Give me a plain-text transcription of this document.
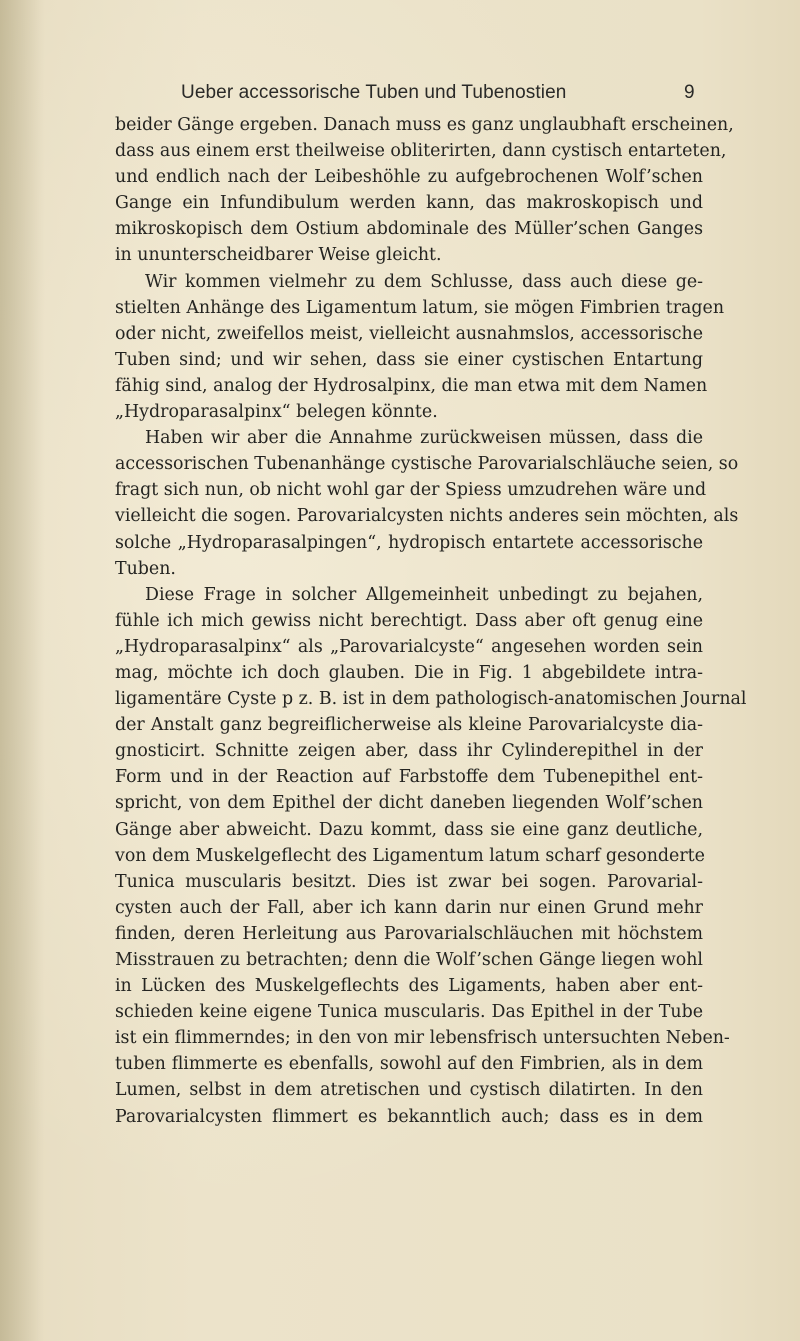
Ueber accessorische Tuben und Tubenostien	9
beider Gänge ergeben. Danach muss es ganz unglaubhaft erscheinen,
dass aus einem erst theilweise obliterirten, dann cystisch entarteten,
und endlich nach der Leibeshöhle zu aufgebrochenen Wolf’schen
Gange ein Infundibulum werden kann, das makroskopisch und
mikroskopisch dem Ostium abdominale des Müller’schen Ganges
in ununterscheidbarer Weise gleicht.
Wir kommen vielmehr zu dem Schlusse, dass auch diese ge-
stielten Anhänge des Ligamentum latum, sie mögen Fimbrien tragen
oder nicht, zweifellos meist, vielleicht ausnahmslos, accessorische
Tuben sind; und wir sehen, dass sie einer cystischen Entartung
fähig sind, analog der Hydrosalpinx, die man etwa mit dem Namen
„Hydroparasalpinx“ belegen könnte.
Haben wir aber die Annahme zurückweisen müssen, dass die
accessorischen Tubenanhänge cystische Parovarialschläuche seien, so
fragt sich nun, ob nicht wohl gar der Spiess umzudrehen wäre und
vielleicht die sogen. Parovarialcysten nichts anderes sein möchten, als
solche „Hydroparasalpingen“, hydropisch entartete accessorische
Tuben.
Diese Frage in solcher Allgemeinheit unbedingt zu bejahen,
fühle ich mich gewiss nicht berechtigt. Dass aber oft genug eine
„Hydroparasalpinx“ als „Parovarialcyste“ angesehen worden sein
mag, möchte ich doch glauben. Die in Fig. 1 abgebildete intra-
ligamentäre Cyste p z. B. ist in dem pathologisch-anatomischen Journal
der Anstalt ganz begreiflicherweise als kleine Parovarialcyste dia-
gnosticirt. Schnitte zeigen aber, dass ihr Cylinderepithel in der
Form und in der Reaction auf Farbstoffe dem Tubenepithel ent-
spricht, von dem Epithel der dicht daneben liegenden Wolf’schen
Gänge aber abweicht. Dazu kommt, dass sie eine ganz deutliche,
von dem Muskelgeflecht des Ligamentum latum scharf gesonderte
Tunica muscularis besitzt. Dies ist zwar bei sogen. Parovarial-
cysten auch der Fall, aber ich kann darin nur einen Grund mehr
finden, deren Herleitung aus Parovarialschläuchen mit höchstem
Misstrauen zu betrachten; denn die Wolf’schen Gänge liegen wohl
in Lücken des Muskelgeflechts des Ligaments, haben aber ent-
schieden keine eigene Tunica muscularis. Das Epithel in der Tube
ist ein flimmerndes; in den von mir lebensfrisch untersuchten Neben-
tuben flimmerte es ebenfalls, sowohl auf den Fimbrien, als in dem
Lumen, selbst in dem atretischen und cystisch dilatirten. In den
Parovarialcysten flimmert es bekanntlich auch; dass es in dem
